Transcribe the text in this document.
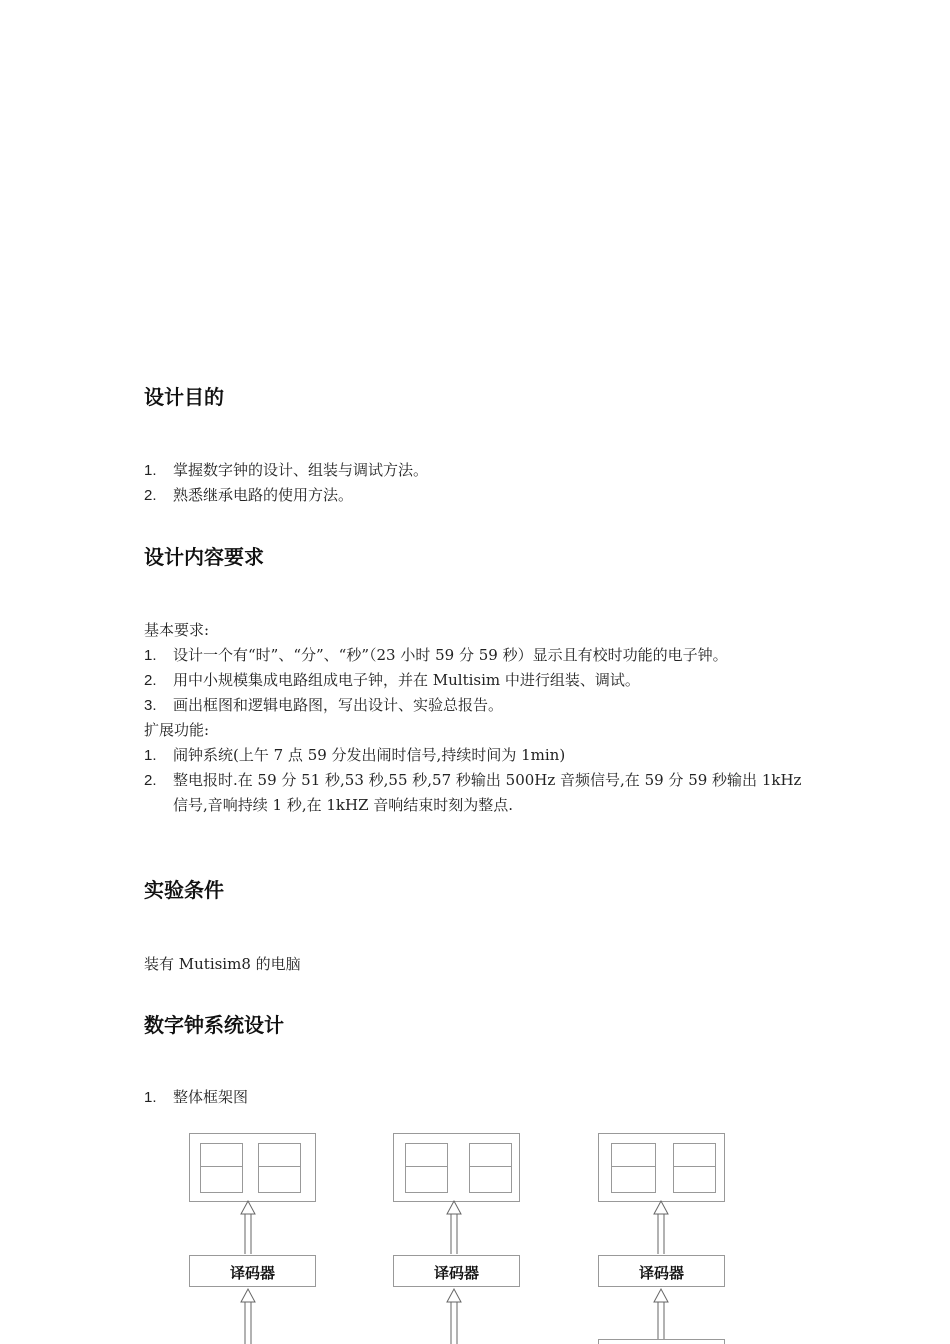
设计目的
1. 掌握数字钟的设计、组装与调试方法。
2. 熟悉继承电路的使用方法。
设计内容要求
基本要求:
1. 设计一个有“时”、“分”、“秒”（23 小时 59 分 59 秒）显示且有校时功能的电子钟。
2. 用中小规模集成电路组成电子钟，并在 Multisim 中进行组装、调试。
3. 画出框图和逻辑电路图，写出设计、实验总报告。
扩展功能:
1. 闹钟系统(上午 7 点 59 分发出闹时信号,持续时间为 1min)
2. 整电报时.在 59 分 51 秒,53 秒,55 秒,57 秒输出 500Hz 音频信号,在 59 分 59 秒输出 1kHz 信号,音响持续 1 秒,在 1kHZ 音响结束时刻为整点.
实验条件
装有 Mutisim8 的电脑
数字钟系统设计
1. 整体框架图
译码器	译码器	译码器
